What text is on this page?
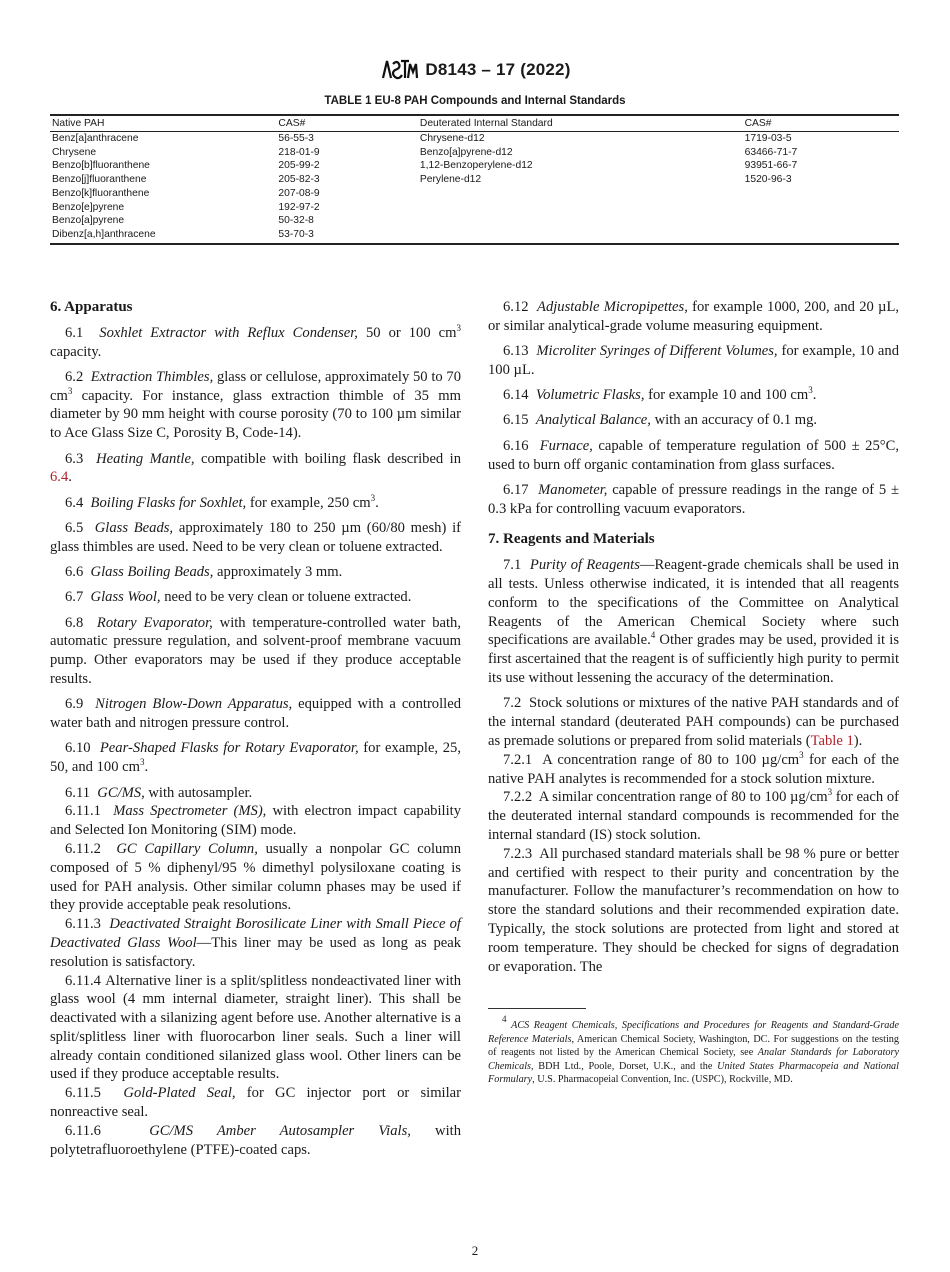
D8143 – 17 (2022)
TABLE 1 EU-8 PAH Compounds and Internal Standards
Native PAH	CAS#	Deuterated Internal Standard	CAS#
Benz[a]anthracene	56-55-3	Chrysene-d12	1719-03-5
Chrysene	218-01-9	Benzo[a]pyrene-d12	63466-71-7
Benzo[b]fluoranthene	205-99-2	1,12-Benzoperylene-d12	93951-66-7
Benzo[j]fluoranthene	205-82-3	Perylene-d12	1520-96-3
Benzo[k]fluoranthene	207-08-9		
Benzo[e]pyrene	192-97-2		
Benzo[a]pyrene	50-32-8		
Dibenz[a,h]anthracene	53-70-3		
6. Apparatus

6.1 Soxhlet Extractor with Reflux Condenser, 50 or 100 $cm^3$ capacity.

6.2 Extraction Thimbles, glass or cellulose, approximately 50 to 70 $cm^3$ capacity. For instance, glass extraction thimble of 35 mm diameter by 90 mm height with course porosity (70 to 100 µm similar to Ace Glass Size C, Porosity B, Code-14).

6.3 Heating Mantle, compatible with boiling flask described in 6.4.

6.4 Boiling Flasks for Soxhlet, for example, 250 $cm^3$.

6.5 Glass Beads, approximately 180 to 250 µm (60/80 mesh) if glass thimbles are used. Need to be very clean or toluene extracted.

6.6 Glass Boiling Beads, approximately 3 mm.

6.7 Glass Wool, need to be very clean or toluene extracted.

6.8 Rotary Evaporator, with temperature-controlled water bath, automatic pressure regulation, and solvent-proof membrane vacuum pump. Other evaporators may be used if they produce acceptable results.

6.9 Nitrogen Blow-Down Apparatus, equipped with a controlled water bath and nitrogen pressure control.

6.10 Pear-Shaped Flasks for Rotary Evaporator, for example, 25, 50, and 100 $cm^3$.

6.11 GC/MS, with autosampler.

6.11.1 Mass Spectrometer (MS), with electron impact capability and Selected Ion Monitoring (SIM) mode.

6.11.2 GC Capillary Column, usually a nonpolar GC column composed of 5 % diphenyl/95 % dimethyl polysiloxane coating is used for PAH analysis. Other similar column phases may be used if they provide acceptable peak resolutions.

6.11.3 Deactivated Straight Borosilicate Liner with Small Piece of Deactivated Glass Wool—This liner may be used as long as peak resolution is satisfactory.

6.11.4 Alternative liner is a split/splitless nondeactivated liner with glass wool (4 mm internal diameter, straight liner). This shall be deactivated with a silanizing agent before use. Another alternative is a split/splitless liner with fluorocarbon liner seals. Such a liner will already contain conditioned silanized glass wool. Other liners can be used if they produce acceptable results.

6.11.5 Gold-Plated Seal, for GC injector port or similar nonreactive seal.

6.11.6	GC/MS Amber Autosampler Vials, with polytetrafluoroethylene (PTFE)-coated caps.

6.12 Adjustable Micropipettes, for example 1000, 200, and 20 µL, or similar analytical-grade volume measuring equipment.

6.13 Microliter Syringes of Different Volumes, for example, 10 and 100 µL.

6.14 Volumetric Flasks, for example 10 and 100 $cm^3$.

6.15 Analytical Balance, with an accuracy of 0.1 mg.

6.16 Furnace, capable of temperature regulation of 500 ± 25°C, used to burn off organic contamination from glass surfaces.

6.17 Manometer, capable of pressure readings in the range of 5 ± 0.3 kPa for controlling vacuum evaporators.

7. Reagents and Materials

7.1 Purity of Reagents—Reagent-grade chemicals shall be used in all tests. Unless otherwise indicated, it is intended that all reagents conform to the specifications of the Committee on Analytical Reagents of the American Chemical Society where such specifications are available.$^4$ Other grades may be used, provided it is first ascertained that the reagent is of sufficiently high purity to permit its use without lessening the accuracy of the determination.

7.2 Stock solutions or mixtures of the native PAH standards and of the internal standard (deuterated PAH compounds) can be purchased as premade solutions or prepared from solid materials (Table 1).

7.2.1 A concentration range of 80 to 100 $\mu g/cm^3$ for each of the native PAH analytes is recommended for a stock solution mixture.

7.2.2 A similar concentration range of 80 to 100 $\mu g/cm^3$ for each of the deuterated internal standard compounds is recommended for the internal standard (IS) stock solution.

7.2.3 All purchased standard materials shall be 98 % pure or better and certified with respect to their purity and concentration by the manufacturer. Follow the manufacturer’s recommendation on how to store the standard solutions and their recommended expiration date. Typically, the stock solutions are protected from light and stored at room temperature. They should be checked for signs of degradation or evaporation. The

$^4$ ACS Reagent Chemicals, Specifications and Procedures for Reagents and Standard-Grade Reference Materials, American Chemical Society, Washington, DC. For suggestions on the testing of reagents not listed by the American Chemical Society, see Analar Standards for Laboratory Chemicals, BDH Ltd., Poole, Dorset, U.K., and the United States Pharmacopeia and National Formulary, U.S. Pharmacopeial Convention, Inc. (USPC), Rockville, MD.

2
